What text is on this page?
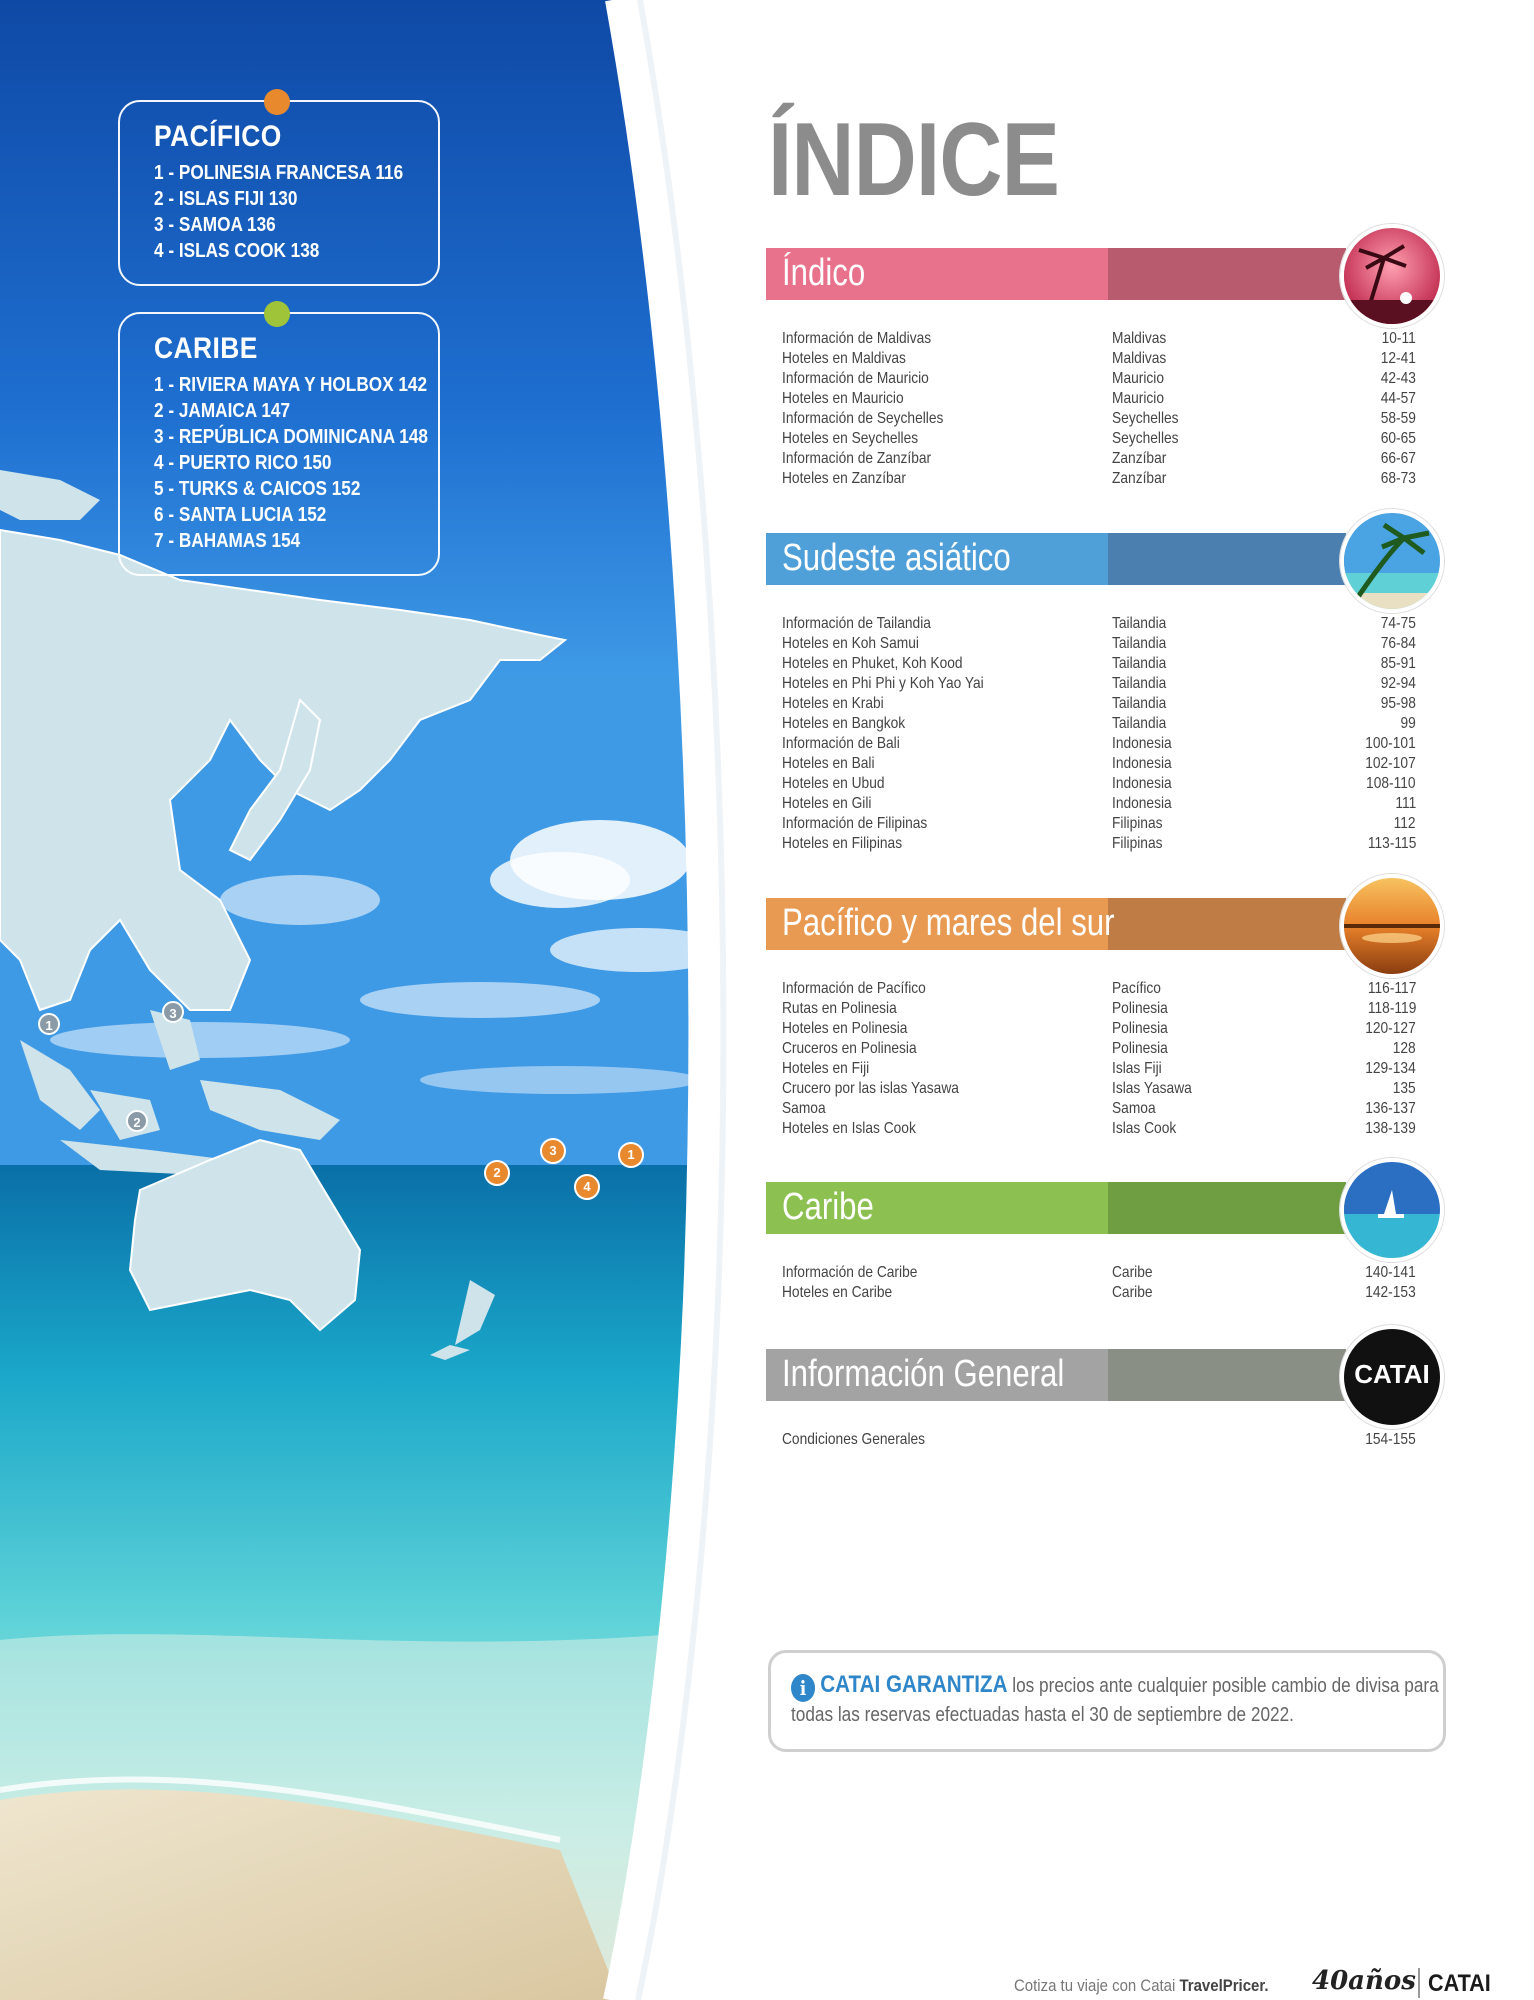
PACÍFICO
1 - POLINESIA FRANCESA 116
2 - ISLAS FIJI 130
3 - SAMOA 136
4 - ISLAS COOK 138
CARIBE
1 - RIVIERA MAYA Y HOLBOX 142
2 - JAMAICA 147
3 - REPÚBLICA DOMINICANA 148
4 - PUERTO RICO 150
5 - TURKS & CAICOS 152
6 - SANTA LUCIA 152
7 - BAHAMAS 154
1
2
3
1
2
3
4
ÍNDICE
Índico
Información de Maldivas	Maldivas	10-11
Hoteles en Maldivas	Maldivas	12-41
Información de Mauricio	Mauricio	42-43
Hoteles en Mauricio	Mauricio	44-57
Información de Seychelles	Seychelles	58-59
Hoteles en Seychelles	Seychelles	60-65
Información de Zanzíbar	Zanzíbar	66-67
Hoteles en Zanzíbar	Zanzíbar	68-73
Sudeste asiático
Información de Tailandia	Tailandia	74-75
Hoteles en Koh Samui	Tailandia	76-84
Hoteles en Phuket, Koh Kood	Tailandia	85-91
Hoteles en Phi Phi y Koh Yao Yai	Tailandia	92-94
Hoteles en Krabi	Tailandia	95-98
Hoteles en Bangkok	Tailandia	99
Información de Bali	Indonesia	100-101
Hoteles en Bali	Indonesia	102-107
Hoteles en Ubud	Indonesia	108-110
Hoteles en Gili	Indonesia	111
Información de Filipinas	Filipinas	112
Hoteles en Filipinas	Filipinas	113-115
Pacífico y mares del sur
Información de Pacífico	Pacífico	116-117
Rutas en Polinesia	Polinesia	118-119
Hoteles en Polinesia	Polinesia	120-127
Cruceros en Polinesia	Polinesia	128
Hoteles en Fiji	Islas Fiji	129-134
Crucero por las islas Yasawa	Islas Yasawa	135
Samoa	Samoa	136-137
Hoteles en Islas Cook	Islas Cook	138-139
Caribe
Información de Caribe	Caribe	140-141
Hoteles en Caribe	Caribe	142-153
Información General	CATAI
Condiciones Generales	154-155
i CATAI GARANTIZA los precios ante cualquier posible cambio de divisa para
todas las reservas efectuadas hasta el 30 de septiembre de 2022.
Cotiza tu viaje con Catai TravelPricer. 40años CATAI
